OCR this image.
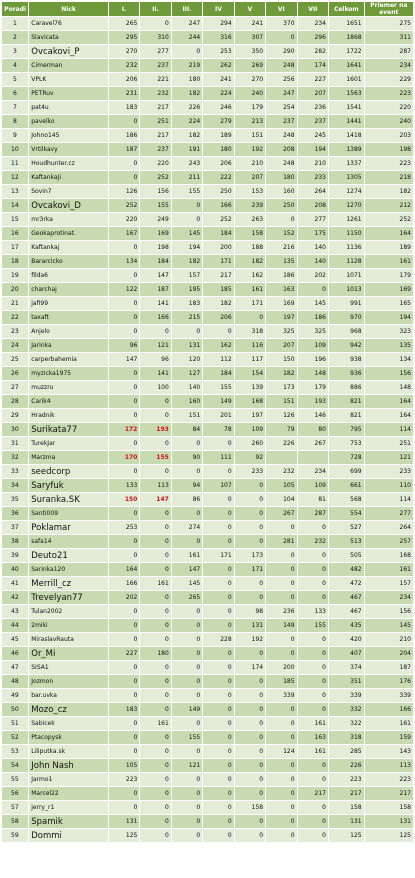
Poradi	Nick	I.	II.	III.	IV	V	VI	VII	Celkom	Priemer na event
1	Caravel76	265	0	247	294	241	370	234	1651	275
2	Slavicata	295	310	244	316	307	0	296	1868	311
3	Ovcakovi_P	270	277	0	253	350	290	282	1722	287
4	Cimerman	232	237	219	262	269	248	174	1641	234
5	VPLK	206	221	180	241	270	256	227	1601	229
6	PETRuv	231	232	182	224	240	247	207	1563	223
7	pat4u	183	217	226	246	179	254	236	1541	220
8	pavelko	0	251	224	279	213	237	237	1441	240
9	Johno145	186	217	182	189	151	248	245	1418	203
10	Vrtilkavy	187	237	191	180	192	208	194	1389	198
11	Houdhunter.cz	0	220	243	206	210	248	210	1337	223
12	KaftankaJi	0	252	211	222	207	180	233	1305	218
13	Sovin7	126	156	155	250	153	160	264	1274	182
14	Ovcakovi_D	252	155	0	166	239	250	208	1270	212
15	mr3rka	220	249	0	252	263	0	277	1261	252
16	Geokaprotinat.	167	169	145	184	158	152	175	1150	164
17	Kaftankaj	0	198	194	200	188	216	140	1136	189
18	Bararcicko	134	184	182	171	182	135	140	1128	161
19	filda6	0	147	157	217	162	186	202	1071	179
20	charchaj	122	187	195	185	161	163	0	1013	169
21	jafi99	0	141	183	182	171	169	145	991	165
22	taxaft	0	166	215	206	0	197	186	970	194
23	Anjelo	0	0	0	0	318	325	325	968	323
24	Jarinka	96	121	131	162	116	207	109	942	135
25	carperbahemia	147	96	120	112	117	150	196	938	134
26	myzicka1975	0	141	127	184	154	182	148	936	156
27	muzzru	0	100	140	155	139	173	179	886	148
28	Carik4	0	0	160	149	168	151	193	821	164
29	Hradnik	0	0	151	201	197	126	146	821	164
30	Surikata77	172	193	84	78	109	79	80	795	114
31	TurekJar	0	0	0	0	260	226	267	753	251
32	Marzma	170	155	90	111	92			728	121
33	seedcorp	0	0	0	0	233	232	234	699	233
34	Saryfuk	133	113	94	107	0	105	109	661	110
35	Suranka.SK	150	147	86	0	0	104	81	568	114
36	Santi009	0	0	0	0	0	267	287	554	277
37	Poklamar	253	0	274	0	0	0	0	527	264
38	safa14	0	0	0	0	0	281	232	513	257
39	Deuto21	0	0	161	171	173	0	0	505	168
40	Sarinka120	164	0	147	0	171	0	0	482	161
41	Merrill_cz	166	161	145	0	0	0	0	472	157
42	Trevelyan77	202	0	265	0	0	0	0	467	234
43	Tulan2002	0	0	0	0	98	236	133	467	156
44	2miki	0	0	0	0	131	149	155	435	145
45	MiraslavRauta	0	0	0	228	192	0	0	420	210
46	Or_Mi	227	180	0	0	0	0	0	407	204
47	SISA1	0	0	0	0	174	200	0	374	187
48	Jozmon	0	0	0	0	0	185	0	351	176
49	bar.uvka	0	0	0	0	0	339	0	339	339
50	Mozo_cz	183	0	149	0	0	0	0	332	166
51	Sabicek	0	161	0	0	0	0	161	322	161
52	Ptacopysk	0	0	155	0	0	0	163	318	159
53	Liliputka.sk	0	0	0	0	0	124	161	285	143
54	John Nash	105	0	121	0	0	0	0	226	113
55	Jarmo1	223	0	0	0	0	0	0	223	223
56	Marcel22	0	0	0	0	0	0	217	217	217
57	jerry_r1	0	0	0	0	158	0	0	158	158
58	Spamik	131	0	0	0	0	0	0	131	131
59	Dommi	125	0	0	0	0	0	0	125	125
